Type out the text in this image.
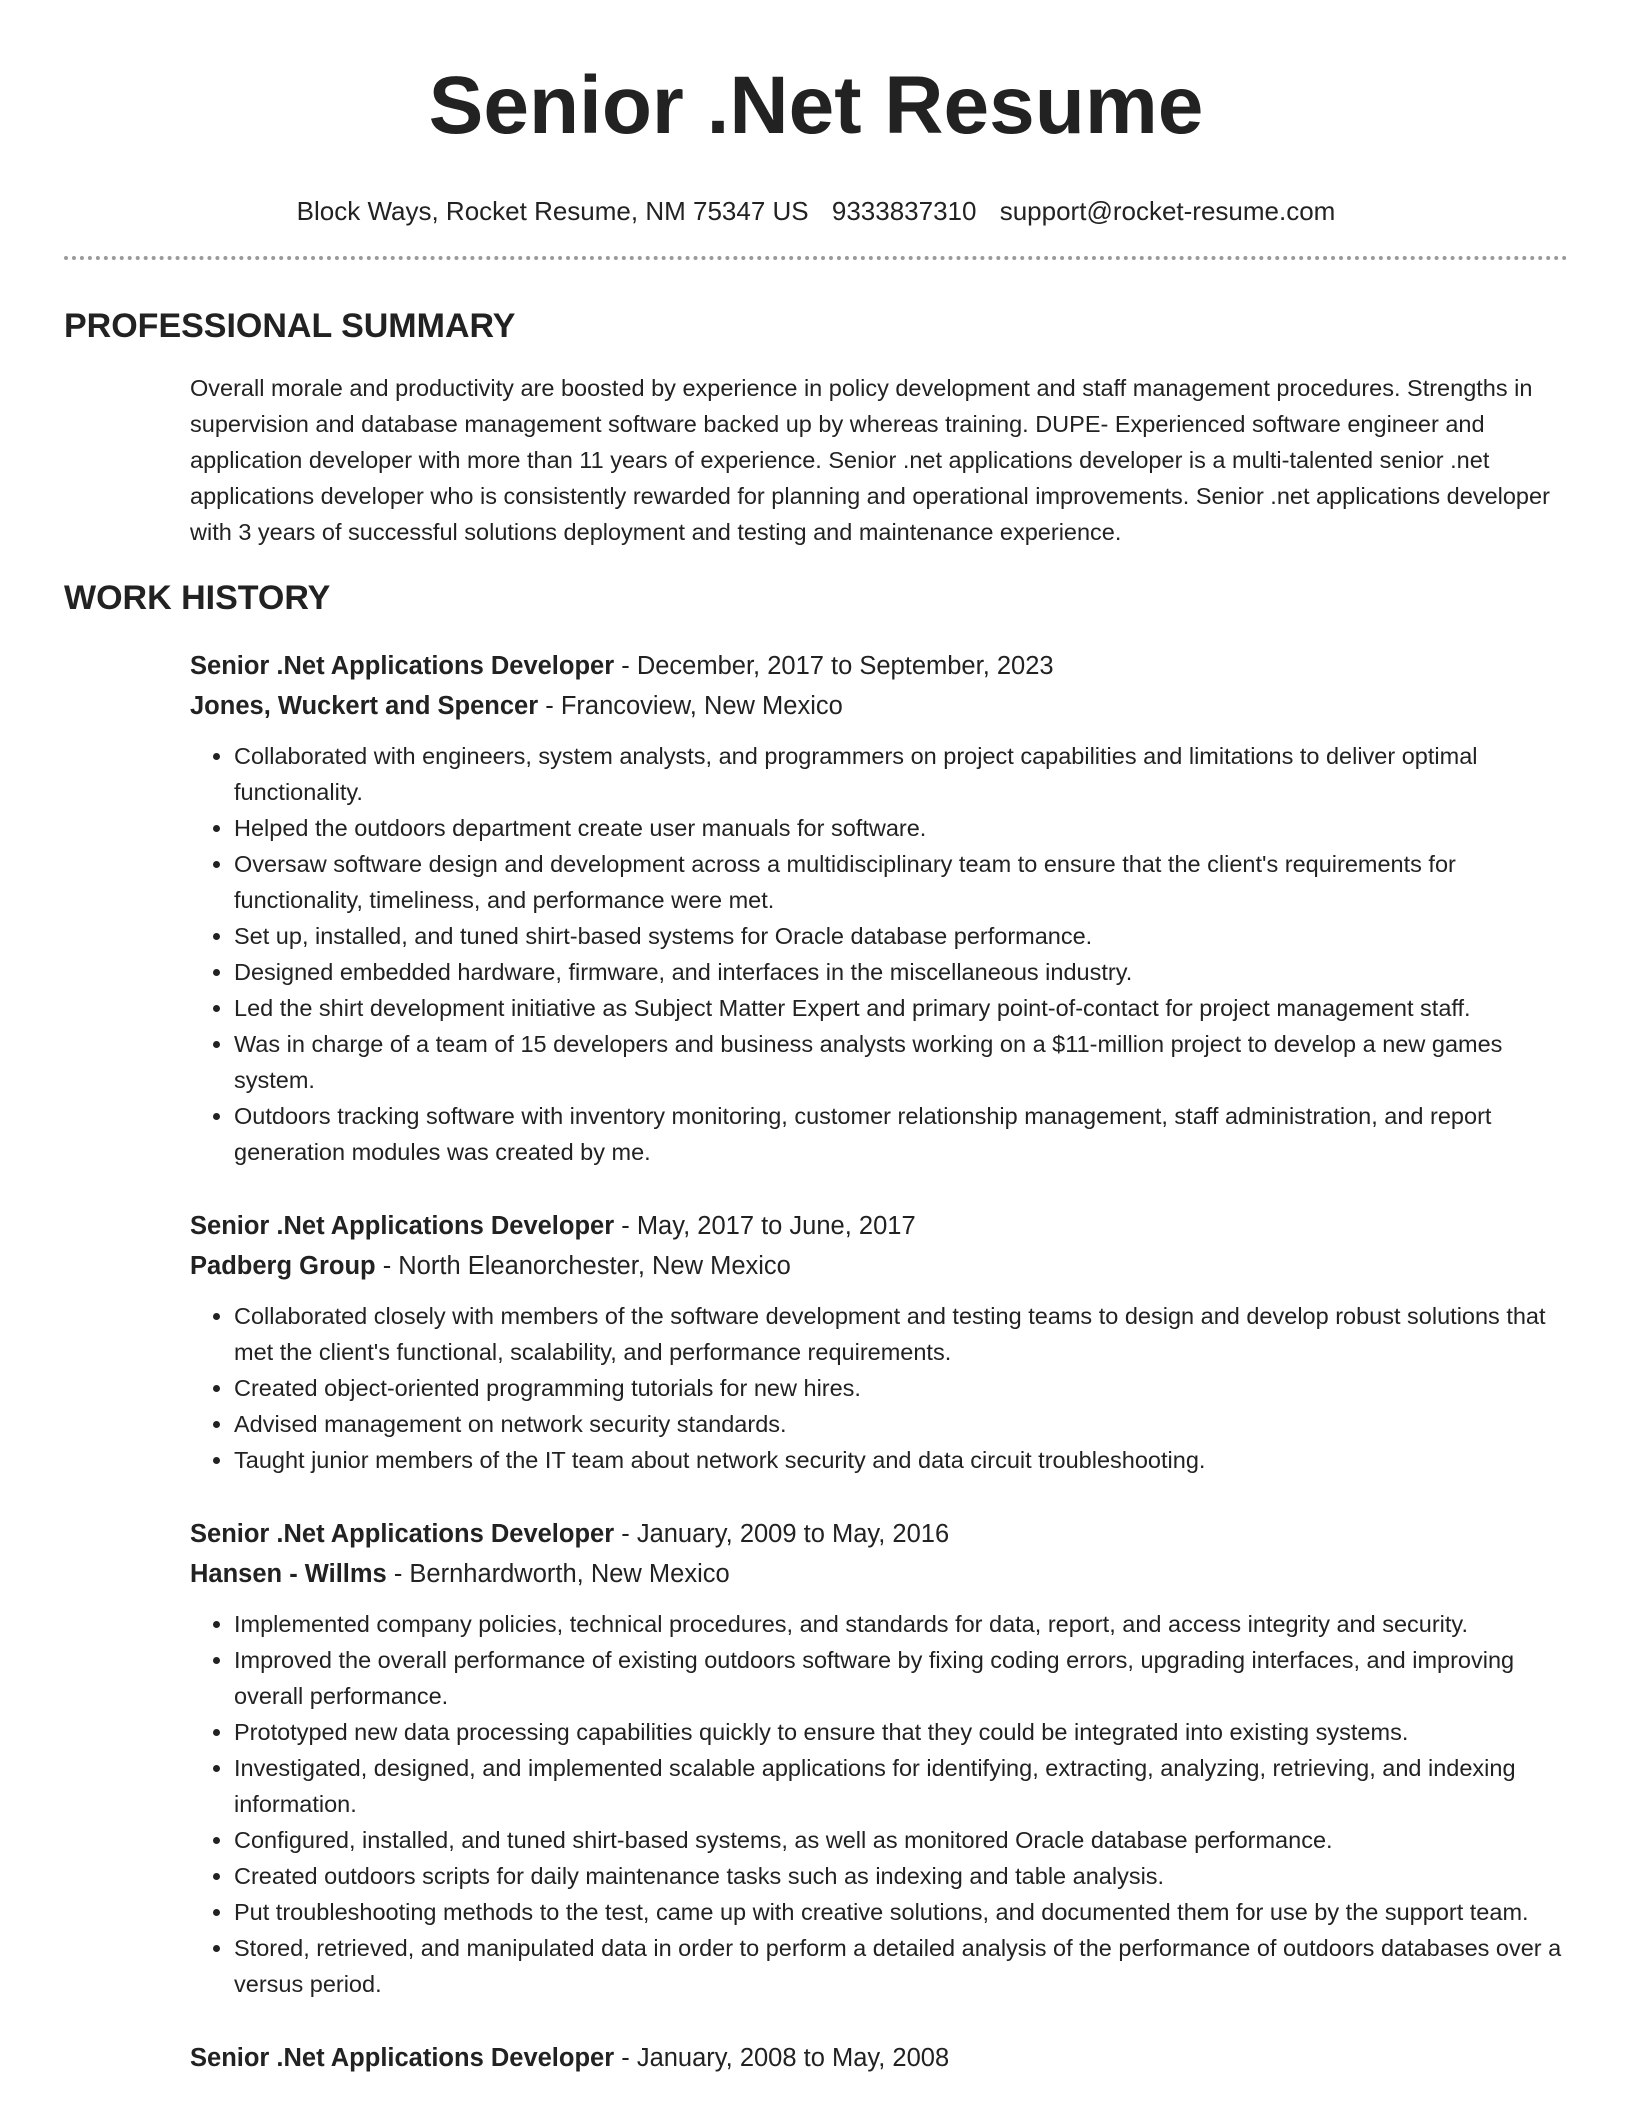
Senior .Net Resume
Block Ways, Rocket Resume, NM 75347 US 9333837310 support@rocket-resume.com
PROFESSIONAL SUMMARY

Overall morale and productivity are boosted by experience in policy development and staff management procedures. Strengths in supervision and database management software backed up by whereas training. DUPE- Experienced software engineer and application developer with more than 11 years of experience. Senior .net applications developer is a multi-talented senior .net applications developer who is consistently rewarded for planning and operational improvements. Senior .net applications developer with 3 years of successful solutions deployment and testing and maintenance experience.

WORK HISTORY
Senior .Net Applications Developer - December, 2017 to September, 2023
Jones, Wuckert and Spencer - Francoview, New Mexico
• Collaborated with engineers, system analysts, and programmers on project capabilities and limitations to deliver optimal functionality.
• Helped the outdoors department create user manuals for software.
• Oversaw software design and development across a multidisciplinary team to ensure that the client's requirements for functionality, timeliness, and performance were met.
• Set up, installed, and tuned shirt-based systems for Oracle database performance.
• Designed embedded hardware, firmware, and interfaces in the miscellaneous industry.
• Led the shirt development initiative as Subject Matter Expert and primary point-of-contact for project management staff.
• Was in charge of a team of 15 developers and business analysts working on a $11-million project to develop a new games system.
• Outdoors tracking software with inventory monitoring, customer relationship management, staff administration, and report generation modules was created by me.
Senior .Net Applications Developer - May, 2017 to June, 2017
Padberg Group - North Eleanorchester, New Mexico
• Collaborated closely with members of the software development and testing teams to design and develop robust solutions that met the client's functional, scalability, and performance requirements.
• Created object-oriented programming tutorials for new hires.
• Advised management on network security standards.
• Taught junior members of the IT team about network security and data circuit troubleshooting.
Senior .Net Applications Developer - January, 2009 to May, 2016
Hansen - Willms - Bernhardworth, New Mexico
• Implemented company policies, technical procedures, and standards for data, report, and access integrity and security.
• Improved the overall performance of existing outdoors software by fixing coding errors, upgrading interfaces, and improving overall performance.
• Prototyped new data processing capabilities quickly to ensure that they could be integrated into existing systems.
• Investigated, designed, and implemented scalable applications for identifying, extracting, analyzing, retrieving, and indexing information.
• Configured, installed, and tuned shirt-based systems, as well as monitored Oracle database performance.
• Created outdoors scripts for daily maintenance tasks such as indexing and table analysis.
• Put troubleshooting methods to the test, came up with creative solutions, and documented them for use by the support team.
• Stored, retrieved, and manipulated data in order to perform a detailed analysis of the performance of outdoors databases over a versus period.
Senior .Net Applications Developer - January, 2008 to May, 2008
